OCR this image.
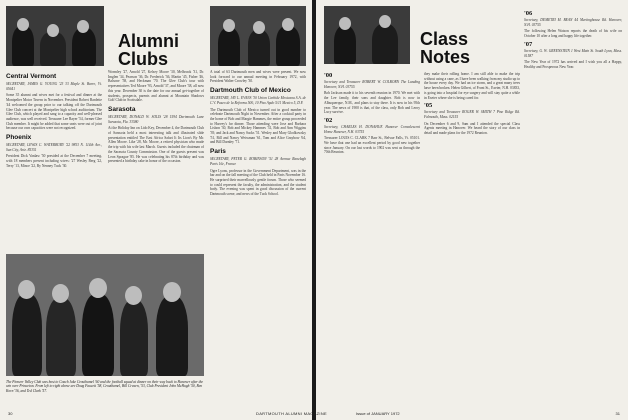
Alumni Clubs
Central Vermont

SECRETARY, JAMES G. YOUNG '23 33 Maple St. Barre, Vt. 05641

Some 35 alumni and wives met for a festival and dinner at the Montpelier Motor Tavern in November. President Robert Bardette '44 welcomed the group prior to our talking off the Dartmouth Glee Club concert at the Montpelier high school auditorium. The Glee Club, which played and sang to a capacity and well-pleased audience, was well received. Treasurer Lee Rayer '54, former Glee Club member. It might be added that some seats were out of joint because our own capacities were not recognized.

Phoenix

SECRETARY, LEWIS C. WATERBURY '22 9853 N. 114th Ave., Sun City, Ariz. 85351

President Dick Vanlaw '50 presided at the December 7 meeting, with 18 members present including wives: '27 Wesley Berg '22, Terry '13, Mince '22, By Nenney Tuck '30.

Wormley '27, Arnold '27, Kelsey Moore '30, Melbrook '31, Dr. Imglen '34, Pearson '36, Dr. Frederick '36, Martin '45, Fisher '46, Balsone '58, and Heckman '70. The Glee Club's tour with representatives Ted Moore '93, Arnold '37, and Moore '38, all now this year. December 30 is the date for our annual get-together of students, prospects, parents and alumni at Mountain Shadows Golf Club in Scottsdale.

Sarasota

SECRETARY, DONALD W. SOLIS '28 1594 Dartmouth Lane Sarasota, Fla. 33580

At the Holiday Inn on Lido Key, December 4, the Dartmouth Club of Sarasota held a most interesting talk and illustrated slide presentation entitled The East Africa Safari It Its Lion's By Mr. Allen Moore. Like '28, Mr. Moore, a retired physician who made the trip with his wife last March. Guests included the chairman of the Sarasota County Commission. One of the guests present was Leon Sprague '85. He was celebrating his 87th birthday and was presented a birthday cake in honor of the occasion.

A total of 63 Dartmouth men and wives were present. We now look forward to our annual meeting in February 1972, with President Walter Crowley '30.

Dartmouth Club of Mexico

SECRETARY, JAY L. EVANS '30 Union Carbide Mexicana S.A. de C.V. Paseo de la Reforma 500, 10 Piso Apdo 5/11 Mexico 5, D.F.

The Dartmouth Club of Mexico turned out in good number to celebrate Dartmouth Night in November. After a cocktail party in the home of Bob and Margie Hammes, the entire group proceeded to Harvey's for dinner. Those attending were Jose and Barbara Lisbon '30, Bob and Mickey Hammes '31, Bob and Ann Wiggins '39, and Jack and Nancy Sacks '51. Wesley and Mary Glodkowsky '51, Bill and Nancy Weissman '61, Tom and Alice Graybow '64, and Bill Darnley '71.

Paris

SECRETARY, PETER G. ROBINSON '51 28 Avenue Ranelagh Paris 16e, France

Ogre Lyons, professor in the Government Department, was in the bar and on the fall meeting of the Club held in Paris November 16. He surprised their marvellously gentle forum. Those who seemed to could represent the faculty, the administration, and the student body. The evening was spent in good discussion of the current Dartmouth scene, and news of the Tuck School.

The Pioneer Valley Club was host to Coach Jake Crouthamel '60 and the football squad at dinner on their way back to Hanover after the win over Princeton. From left to right above are Doug Faucett '58, Crouthamel, Bill Craven, '53, Club President John McHugh '50, Ben Korn '36, and Ted Clark '57.
30
Class Notes
'00

Secretary and Treasurer ROBERT W. COLBORN The Landing Hanover, N.H. 03755

Bob Jackson made it to his seventh reunion in 1970. We met with the Lee family, their sons and daughter. Bob is now in Albuquerque, N.M., and plans to stay there. It is now in his 95th year. The news of 1900 is that, of the class, only Bob and Leroy Lucy survive.

'02

Secretary, CHARLES H. DONAHUE Hanover Convalescent Home Hanover, N.H. 03755

Treasurer LOUIS C. CLARK 7 Barr St., Belvue Falls, Vt. 05101. We have that one had an excellent period by good new together since January. On our last words to 1902 was sent us through the 70th Reunion.

they make their rolling home. I am still able to make the trip without using a cane, as I have been walking from my studio up to the house every day. We had an ice storm, and a great many trees have been broken. Helen Gilbert, of Front St., Exeter, N.H. 03833, is going into a hospital for eye surgery and will stay quite a while in Exeter where she is being cared for.

'05

Secretary and Treasurer ROGER W. SMITH 7 Pine Ridge Rd. Falmouth, Mass. 02155

On December 6 and 9, Sam and I attended the special Class Agents meeting in Hanover. We heard the story of our class in detail and made plans for the 1972 Reunion.

'06

Secretary, DEMETRI M. BEAN 44 Meetinghouse Rd. Hanover, N.H. 03755

The following Helen Watson reports the death of his wife on October 10 after a long and happy life together.

'07

Secretary, G. W. GREENSTEIN 1 West Main St. South Lynn, Mass. 01587

The New Year of 1972 has arrived and I wish you all a Happy, Healthy and Prosperous New Year.

DARTMOUTH ALUMNI MAGAZINE	Issue of JANUARY 1972	31
